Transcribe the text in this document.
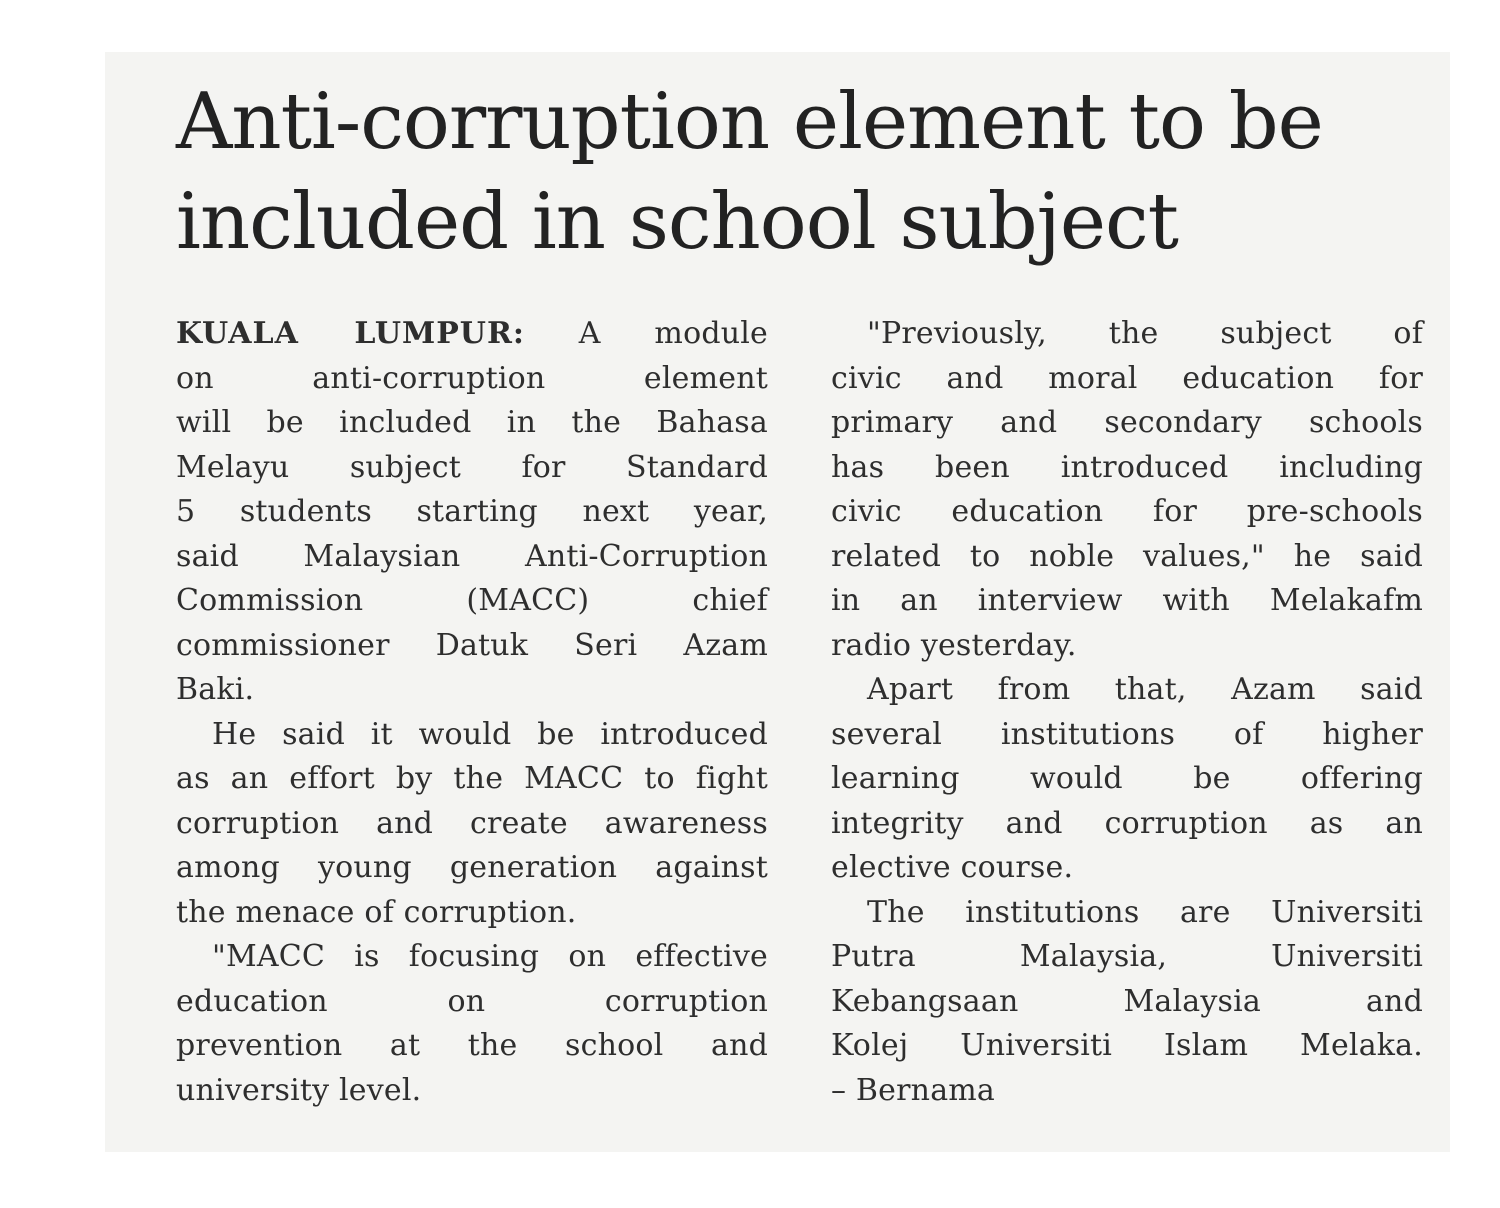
Anti-corruption element to be
included in school subject
KUALA LUMPUR: A module
on anti-corruption element
will be included in the Bahasa
Melayu subject for Standard
5 students starting next year,
said Malaysian Anti-Corruption
Commission (MACC) chief
commissioner Datuk Seri Azam
Baki.
He said it would be introduced
as an effort by the MACC to fight
corruption and create awareness
among young generation against
the menace of corruption.
"MACC is focusing on effective
education on corruption
prevention at the school and
university level.
"Previously, the subject of
civic and moral education for
primary and secondary schools
has been introduced including
civic education for pre-schools
related to noble values," he said
in an interview with Melakafm
radio yesterday.
Apart from that, Azam said
several institutions of higher
learning would be offering
integrity and corruption as an
elective course.
The institutions are Universiti
Putra Malaysia, Universiti
Kebangsaan Malaysia and
Kolej Universiti Islam Melaka.
– Bernama
